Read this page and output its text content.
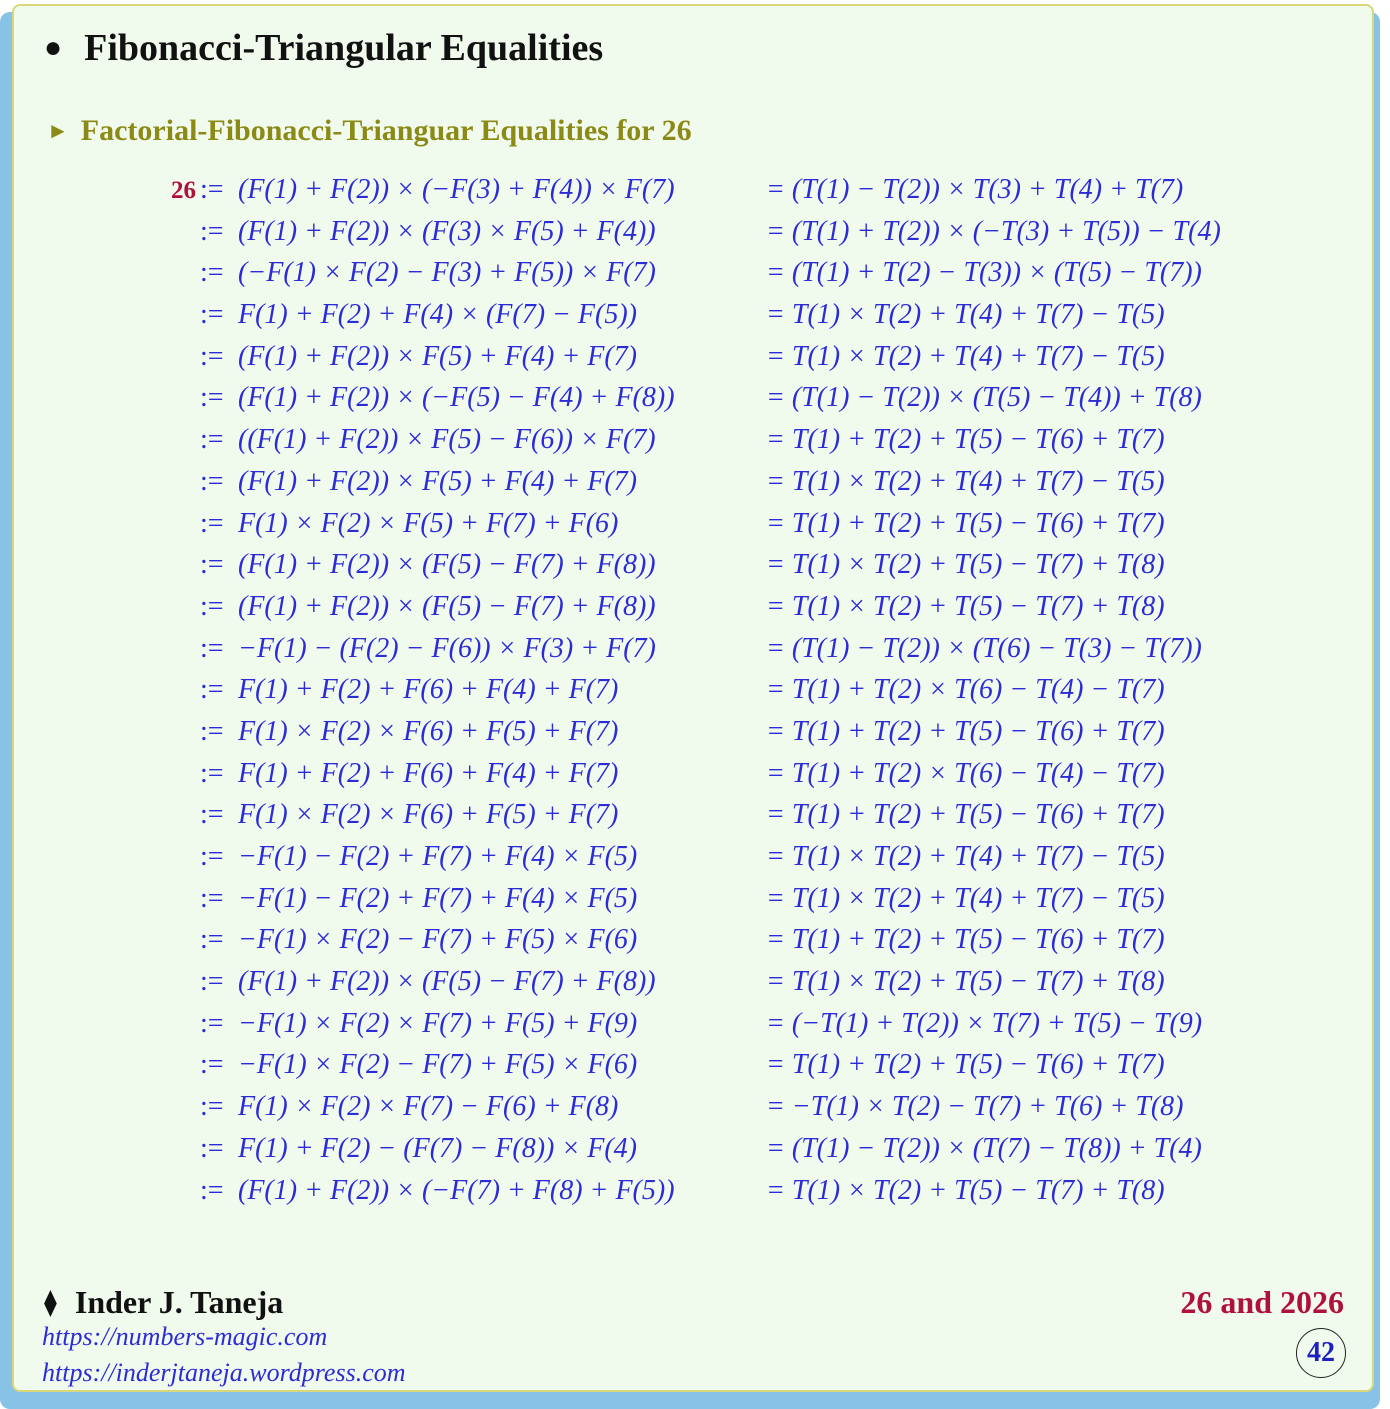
● Fibonacci-Triangular Equalities
► Factorial-Fibonacci-Trianguar Equalities for 26
26 := (F(1) + F(2)) × (−F(3) + F(4)) × F(7)	= (T(1) − T(2)) × T(3) + T(4) + T(7)
:= (F(1) + F(2)) × (F(3) × F(5) + F(4))	= (T(1) + T(2)) × (−T(3) + T(5)) − T(4)
:= (−F(1) × F(2) − F(3) + F(5)) × F(7)	= (T(1) + T(2) − T(3)) × (T(5) − T(7))
:= F(1) + F(2) + F(4) × (F(7) − F(5))	= T(1) × T(2) + T(4) + T(7) − T(5)
:= (F(1) + F(2)) × F(5) + F(4) + F(7)	= T(1) × T(2) + T(4) + T(7) − T(5)
:= (F(1) + F(2)) × (−F(5) − F(4) + F(8))	= (T(1) − T(2)) × (T(5) − T(4)) + T(8)
:= ((F(1) + F(2)) × F(5) − F(6)) × F(7)	= T(1) + T(2) + T(5) − T(6) + T(7)
:= (F(1) + F(2)) × F(5) + F(4) + F(7)	= T(1) × T(2) + T(4) + T(7) − T(5)
:= F(1) × F(2) × F(5) + F(7) + F(6)	= T(1) + T(2) + T(5) − T(6) + T(7)
:= (F(1) + F(2)) × (F(5) − F(7) + F(8))	= T(1) × T(2) + T(5) − T(7) + T(8)
:= (F(1) + F(2)) × (F(5) − F(7) + F(8))	= T(1) × T(2) + T(5) − T(7) + T(8)
:= −F(1) − (F(2) − F(6)) × F(3) + F(7)	= (T(1) − T(2)) × (T(6) − T(3) − T(7))
:= F(1) + F(2) + F(6) + F(4) + F(7)	= T(1) + T(2) × T(6) − T(4) − T(7)
:= F(1) × F(2) × F(6) + F(5) + F(7)	= T(1) + T(2) + T(5) − T(6) + T(7)
:= F(1) + F(2) + F(6) + F(4) + F(7)	= T(1) + T(2) × T(6) − T(4) − T(7)
:= F(1) × F(2) × F(6) + F(5) + F(7)	= T(1) + T(2) + T(5) − T(6) + T(7)
:= −F(1) − F(2) + F(7) + F(4) × F(5)	= T(1) × T(2) + T(4) + T(7) − T(5)
:= −F(1) − F(2) + F(7) + F(4) × F(5)	= T(1) × T(2) + T(4) + T(7) − T(5)
:= −F(1) × F(2) − F(7) + F(5) × F(6)	= T(1) + T(2) + T(5) − T(6) + T(7)
:= (F(1) + F(2)) × (F(5) − F(7) + F(8))	= T(1) × T(2) + T(5) − T(7) + T(8)
:= −F(1) × F(2) × F(7) + F(5) + F(9)	= (−T(1) + T(2)) × T(7) + T(5) − T(9)
:= −F(1) × F(2) − F(7) + F(5) × F(6)	= T(1) + T(2) + T(5) − T(6) + T(7)
:= F(1) × F(2) × F(7) − F(6) + F(8)	= −T(1) × T(2) − T(7) + T(6) + T(8)
:= F(1) + F(2) − (F(7) − F(8)) × F(4)	= (T(1) − T(2)) × (T(7) − T(8)) + T(4)
:= (F(1) + F(2)) × (−F(7) + F(8) + F(5))	= T(1) × T(2) + T(5) − T(7) + T(8)
⧫ Inder J. Taneja
https://numbers-magic.com
https://inderjtaneja.wordpress.com
26 and 2026
42
